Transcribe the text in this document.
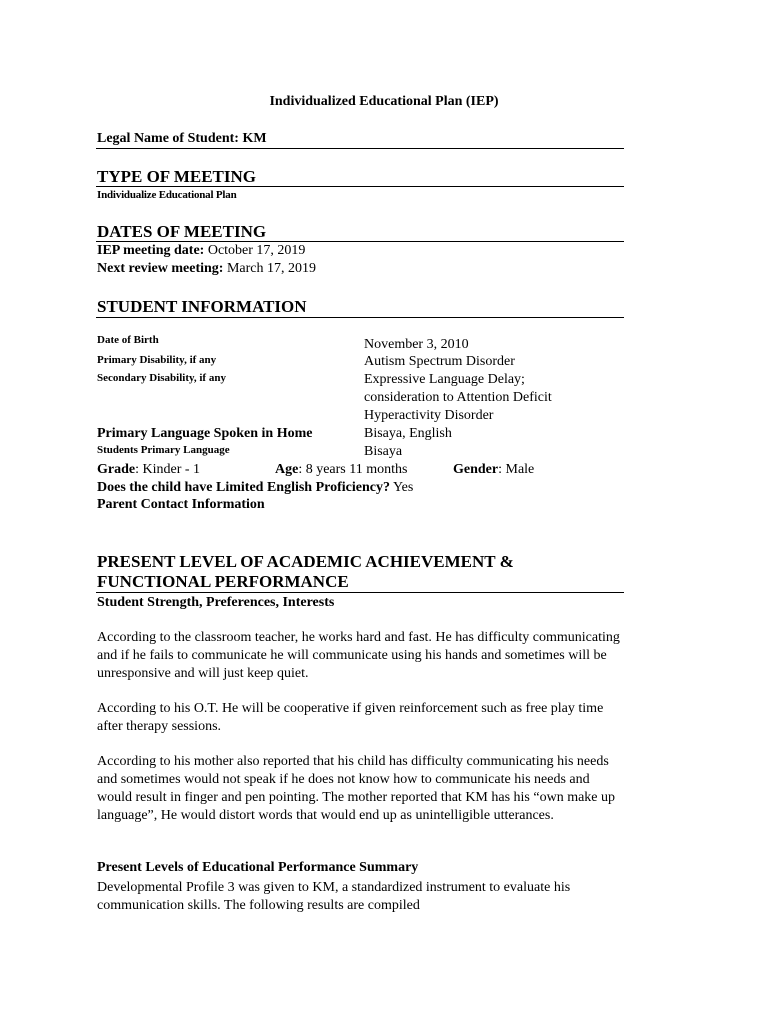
Individualized Educational Plan (IEP)
Legal Name of Student: KM
TYPE OF MEETING
Individualize Educational Plan
DATES OF MEETING
IEP meeting date: October 17, 2019
Next review meeting: March 17, 2019
STUDENT INFORMATION
Date of Birth	November 3, 2010
Primary Disability, if any	Autism Spectrum Disorder
Secondary Disability, if any	Expressive Language Delay;
consideration to Attention Deficit
Hyperactivity Disorder
Primary Language Spoken in Home	Bisaya, English
Students Primary Language	Bisaya
Grade: Kinder - 1	Age: 8 years 11 months	Gender: Male
Does the child have Limited English Proficiency? Yes
Parent Contact Information
PRESENT LEVEL OF ACADEMIC ACHIEVEMENT &
FUNCTIONAL PERFORMANCE
Student Strength, Preferences, Interests
According to the classroom teacher, he works hard and fast. He has difficulty communicating and if he fails to communicate he will communicate using his hands and sometimes will be unresponsive and will just keep quiet.
According to his O.T. He will be cooperative if given reinforcement such as free play time after therapy sessions.
According to his mother also reported that his child has difficulty communicating his needs and sometimes would not speak if he does not know how to communicate his needs and would result in finger and pen pointing. The mother reported that KM has his “own make up language”, He would distort words that would end up as unintelligible utterances.
Present Levels of Educational Performance Summary
Developmental Profile 3 was given to KM, a standardized instrument to evaluate his communication skills. The following results are compiled
